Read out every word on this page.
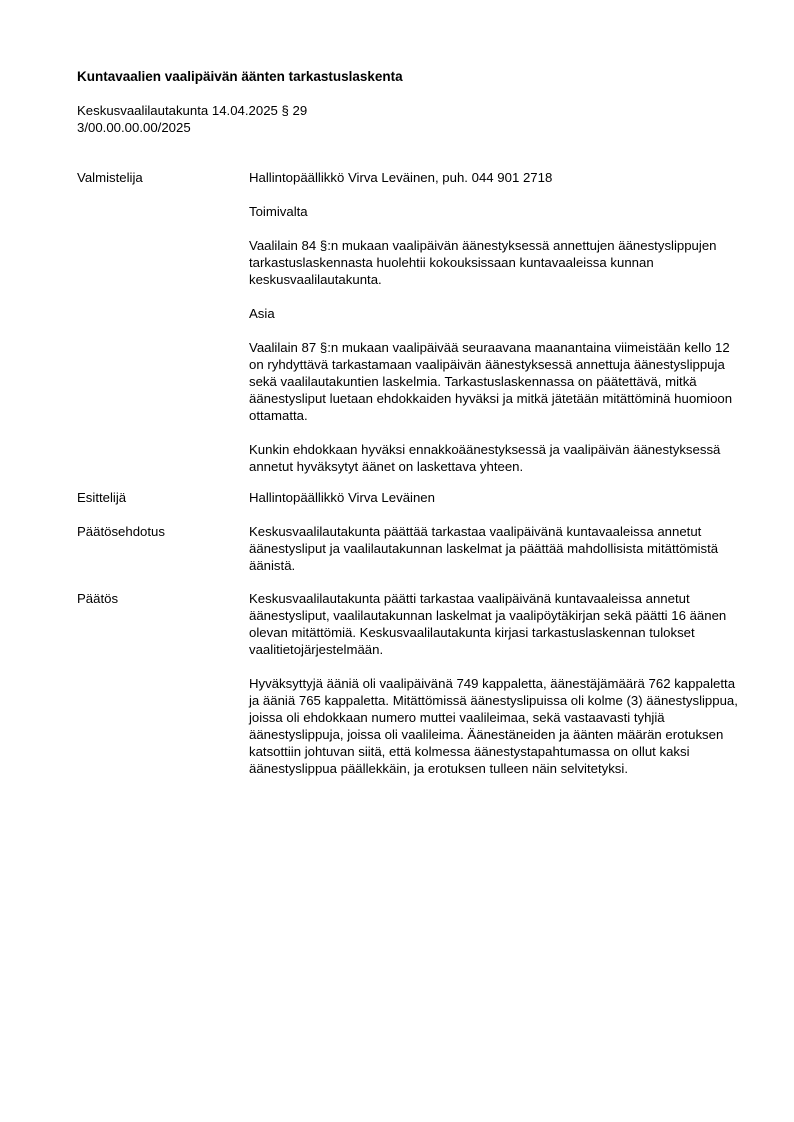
Kuntavaalien vaalipäivän äänten tarkastuslaskenta
Keskusvaalilautakunta 14.04.2025 § 29
3/00.00.00.00/2025
Valmistelija	Hallintopäällikkö Virva Leväinen, puh. 044 901 2718

Toimivalta

Vaalilain 84 §:n mukaan vaalipäivän äänestyksessä annettujen äänestyslippujen tarkastuslaskennasta huolehtii kokouksissaan kuntavaaleissa kunnan keskusvaalilautakunta.

Asia

Vaalilain 87 §:n mukaan vaalipäivää seuraavana maanantaina viimeistään kello 12 on ryhdyttävä tarkastamaan vaalipäivän äänestyksessä annettuja äänestyslippuja sekä vaalilautakuntien laskelmia. Tarkastuslaskennassa on päätettävä, mitkä äänestysliput luetaan ehdokkaiden hyväksi ja mitkä jätetään mitättöminä huomioon ottamatta.

Kunkin ehdokkaan hyväksi ennakkoäänestyksessä ja vaalipäivän äänestyksessä annetut hyväksytyt äänet on laskettava yhteen.

Esittelijä	Hallintopäällikkö Virva Leväinen

Päätösehdotus	Keskusvaalilautakunta päättää tarkastaa vaalipäivänä kuntavaaleissa annetut äänestysliput ja vaalilautakunnan laskelmat ja päättää mahdollisista mitättömistä äänistä.

Päätös	Keskusvaalilautakunta päätti tarkastaa vaalipäivänä kuntavaaleissa annetut äänestysliput, vaalilautakunnan laskelmat ja vaalipöytäkirjan sekä päätti 16 äänen olevan mitättömiä. Keskusvaalilautakunta kirjasi tarkastuslaskennan tulokset vaalitietojärjestelmään.

Hyväksyttyjä ääniä oli vaalipäivänä 749 kappaletta, äänestäjämäärä 762 kappaletta ja ääniä 765 kappaletta. Mitättömissä äänestyslipuissa oli kolme (3) äänestyslippua, joissa oli ehdokkaan numero muttei vaalileimaa, sekä vastaavasti tyhjiä äänestyslippuja, joissa oli vaalileima. Äänestäneiden ja äänten määrän erotuksen katsottiin johtuvan siitä, että kolmessa äänestystapahtumassa on ollut kaksi äänestyslippua päällekkäin, ja erotuksen tulleen näin selvitetyksi.
